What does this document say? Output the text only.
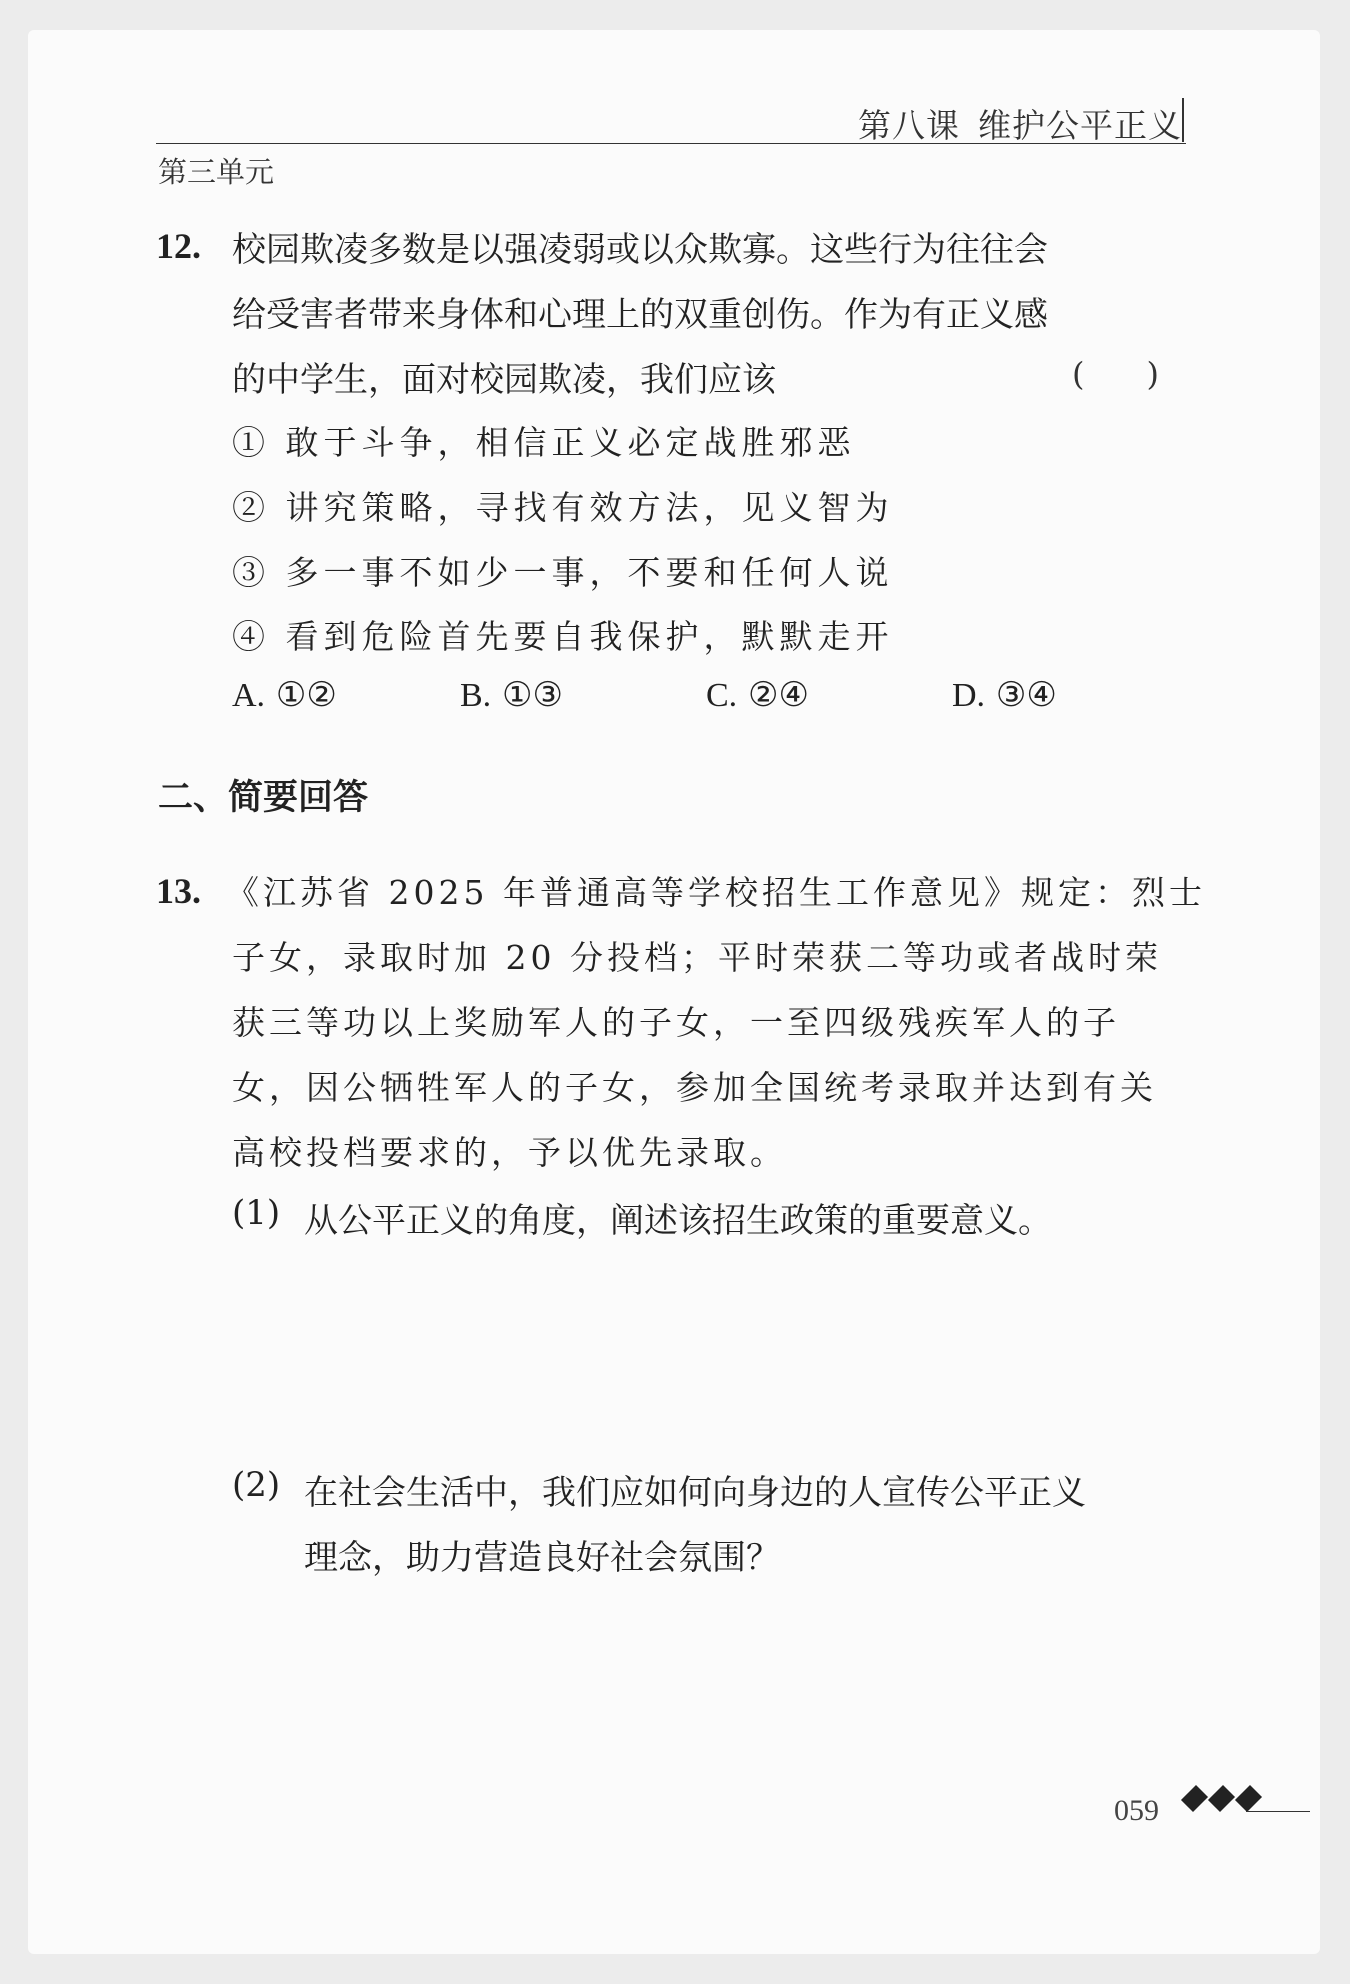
第八课 维护公平正义
第三单元
12. 校园欺凌多数是以强凌弱或以众欺寡。这些行为往往会
给受害者带来身体和心理上的双重创伤。作为有正义感
的中学生，面对校园欺凌，我们应该	( )
① 敢于斗争，相信正义必定战胜邪恶
② 讲究策略，寻找有效方法，见义智为
③ 多一事不如少一事，不要和任何人说
④ 看到危险首先要自我保护，默默走开
A. ①②	B. ①③	C. ②④	D. ③④
二、简要回答
13. 《江苏省 2025 年普通高等学校招生工作意见》规定：烈士
子女，录取时加 20 分投档；平时荣获二等功或者战时荣
获三等功以上奖励军人的子女，一至四级残疾军人的子
女，因公牺牲军人的子女，参加全国统考录取并达到有关
高校投档要求的，予以优先录取。
(1) 从公平正义的角度，阐述该招生政策的重要意义。
(2) 在社会生活中，我们应如何向身边的人宣传公平正义
理念，助力营造良好社会氛围？
059
